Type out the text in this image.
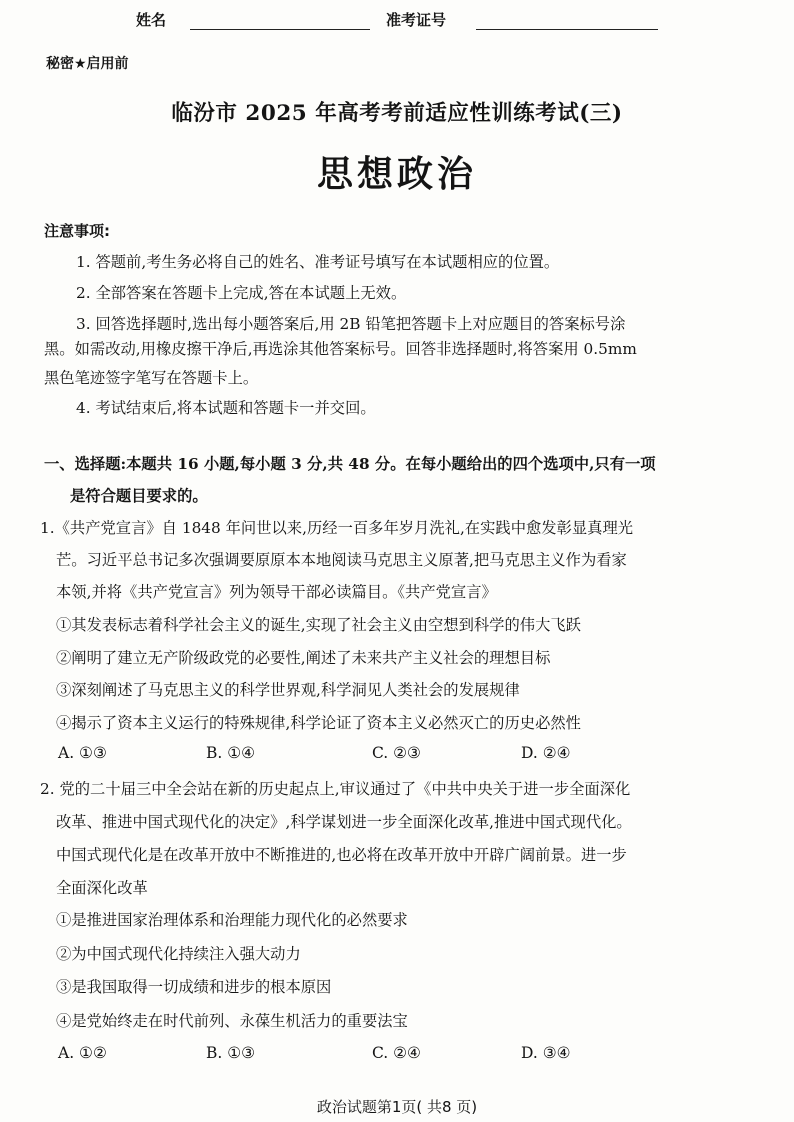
姓名	准考证号
秘密★启用前
临汾市 2025 年高考考前适应性训练考试(三)
思想政治
注意事项:
1. 答题前,考生务必将自己的姓名、准考证号填写在本试题相应的位置。
2. 全部答案在答题卡上完成,答在本试题上无效。
3. 回答选择题时,选出每小题答案后,用 2B 铅笔把答题卡上对应题目的答案标号涂
黑。如需改动,用橡皮擦干净后,再选涂其他答案标号。回答非选择题时,将答案用 0.5mm
黑色笔迹签字笔写在答题卡上。
4. 考试结束后,将本试题和答题卡一并交回。
一、选择题:本题共 16 小题,每小题 3 分,共 48 分。在每小题给出的四个选项中,只有一项
是符合题目要求的。
1.《共产党宣言》自 1848 年问世以来,历经一百多年岁月洗礼,在实践中愈发彰显真理光
芒。习近平总书记多次强调要原原本本地阅读马克思主义原著,把马克思主义作为看家
本领,并将《共产党宣言》列为领导干部必读篇目。《共产党宣言》
①其发表标志着科学社会主义的诞生,实现了社会主义由空想到科学的伟大飞跃
②阐明了建立无产阶级政党的必要性,阐述了未来共产主义社会的理想目标
③深刻阐述了马克思主义的科学世界观,科学洞见人类社会的发展规律
④揭示了资本主义运行的特殊规律,科学论证了资本主义必然灭亡的历史必然性
A. ①③	B. ①④	C. ②③	D. ②④
2. 党的二十届三中全会站在新的历史起点上,审议通过了《中共中央关于进一步全面深化
改革、推进中国式现代化的决定》,科学谋划进一步全面深化改革,推进中国式现代化。
中国式现代化是在改革开放中不断推进的,也必将在改革开放中开辟广阔前景。进一步
全面深化改革
①是推进国家治理体系和治理能力现代化的必然要求
②为中国式现代化持续注入强大动力
③是我国取得一切成绩和进步的根本原因
④是党始终走在时代前列、永葆生机活力的重要法宝
A. ①②	B. ①③	C. ②④	D. ③④
政治试题第1页( 共8 页)
